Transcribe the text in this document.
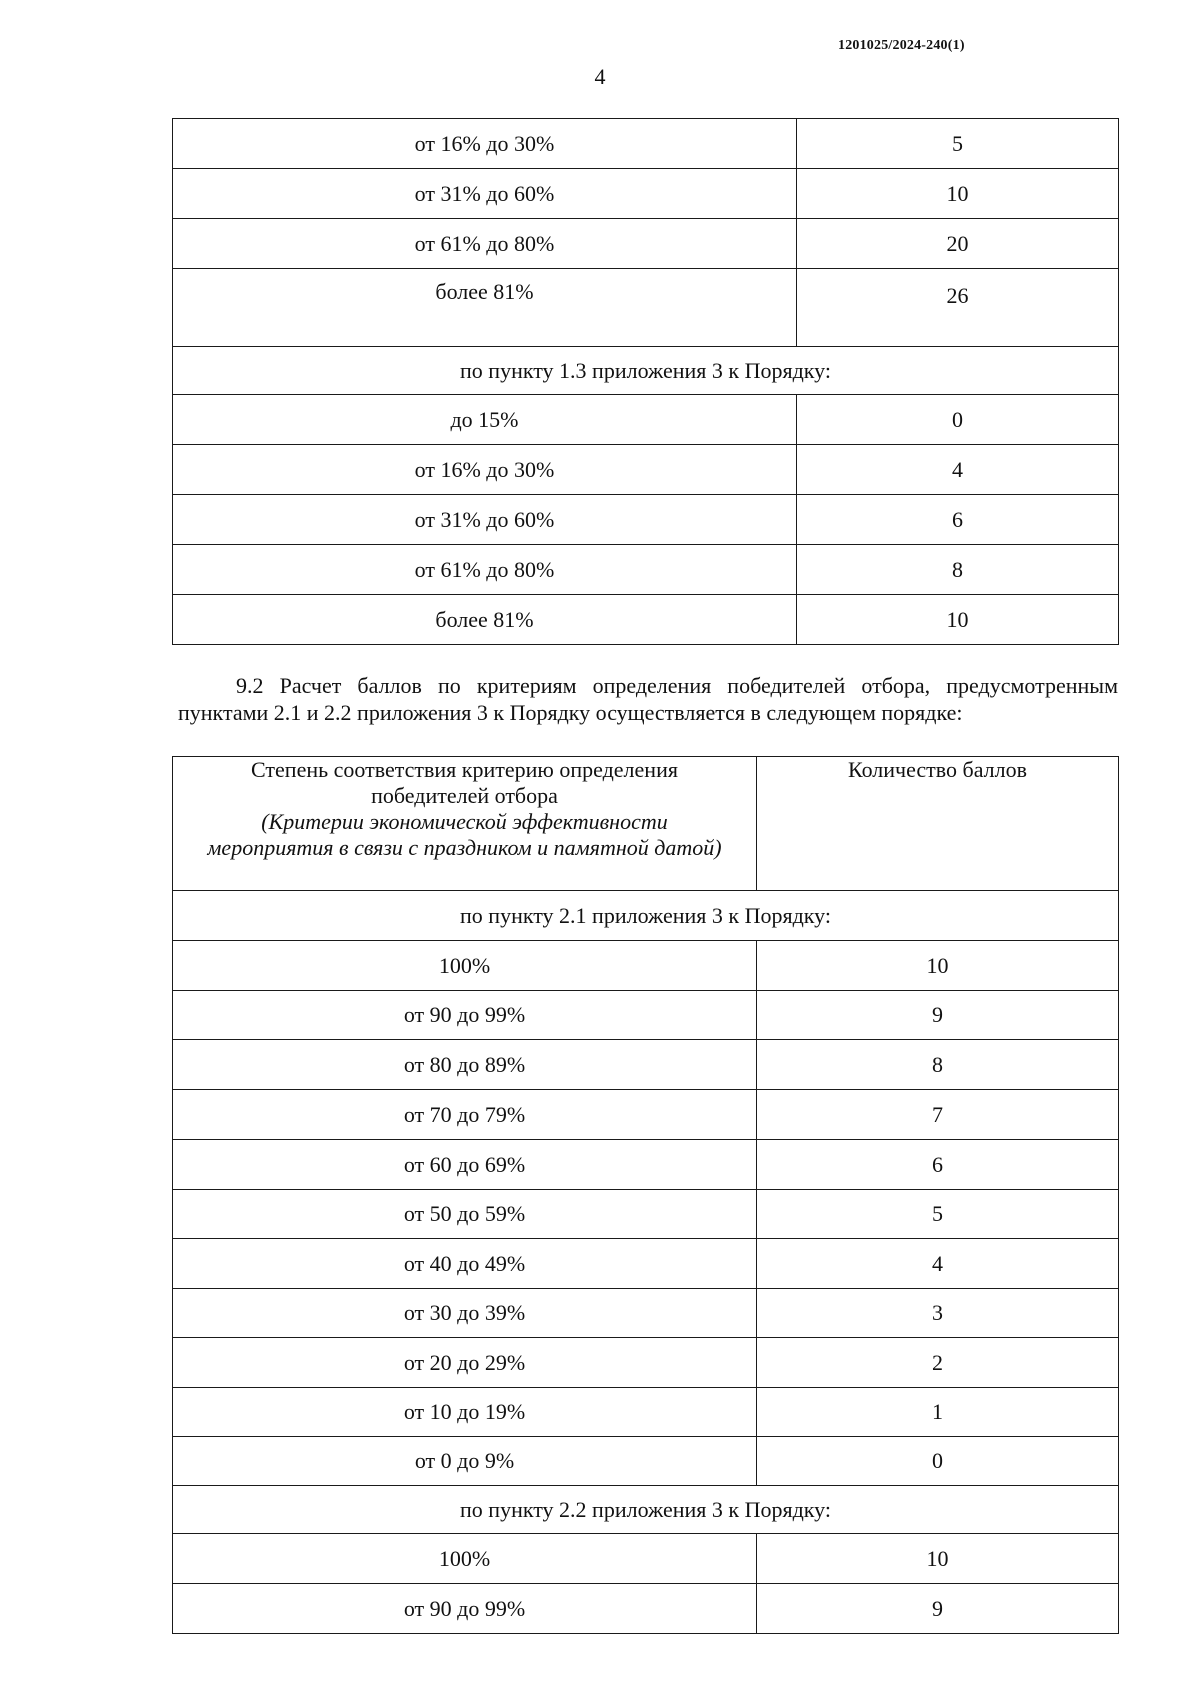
1201025/2024-240(1)
4
от 16% до 30%	5
от 31% до 60%	10
от 61% до 80%	20
более 81%	26
по пункту 1.3 приложения 3 к Порядку:	
до 15%	0
от 16% до 30%	4
от 31% до 60%	6
от 61% до 80%	8
более 81%	10
9.2 Расчет баллов по критериям определения победителей отбора, предусмотренным
пунктами 2.1 и 2.2 приложения 3 к Порядку осуществляется в следующем порядке:
Степень соответствия критерию определения
победителей отбора
(Критерии экономической эффективности
мероприятия в связи с праздником и памятной датой)	Количество баллов
по пункту 2.1 приложения 3 к Порядку:	
100%	10
от 90 до 99%	9
от 80 до 89%	8
от 70 до 79%	7
от 60 до 69%	6
от 50 до 59%	5
от 40 до 49%	4
от 30 до 39%	3
от 20 до 29%	2
от 10 до 19%	1
от 0 до 9%	0
по пункту 2.2 приложения 3 к Порядку:	
100%	10
от 90 до 99%	9
